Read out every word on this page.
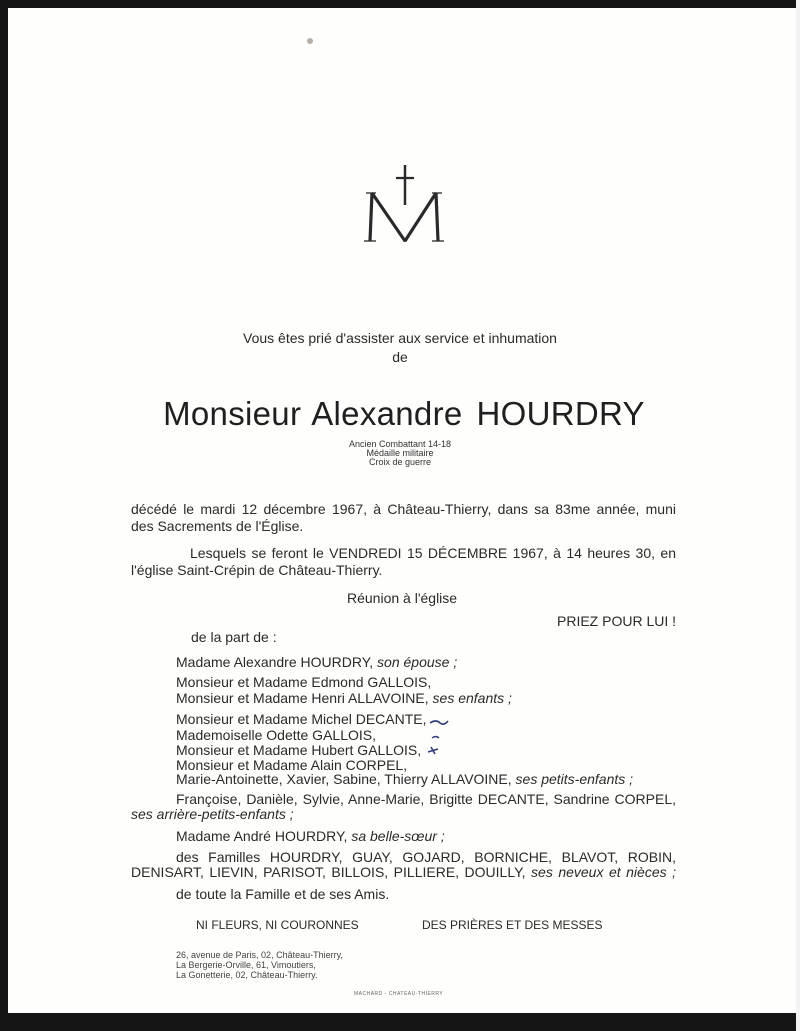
Vous êtes prié d'assister aux service et inhumation
de
Monsieur Alexandre HOURDRY
Ancien Combattant 14-18
Médaille militaire
Croix de guerre
décédé le mardi 12 décembre 1967, à Château-Thierry, dans sa 83me année, muni
des Sacrements de l'Église.
Lesquels se feront le VENDREDI 15 DÉCEMBRE 1967, à 14 heures 30, en
l'église Saint-Crépin de Château-Thierry.
Réunion à l'église
PRIEZ POUR LUI !
de la part de :
Madame Alexandre HOURDRY, son épouse ;
Monsieur et Madame Edmond GALLOIS,
Monsieur et Madame Henri ALLAVOINE, ses enfants ;
Monsieur et Madame Michel DECANTE,
Mademoiselle Odette GALLOIS,
Monsieur et Madame Hubert GALLOIS,
Monsieur et Madame Alain CORPEL,
Marie-Antoinette, Xavier, Sabine, Thierry ALLAVOINE, ses petits-enfants ;
Françoise, Danièle, Sylvie, Anne-Marie, Brigitte DECANTE, Sandrine CORPEL,
ses arrière-petits-enfants ;
Madame André HOURDRY, sa belle-sœur ;
des Familles HOURDRY, GUAY, GOJARD, BORNICHE, BLAVOT, ROBIN,
DENISART, LIEVIN, PARISOT, BILLOIS, PILLIERE, DOUILLY, ses neveux et nièces ;
de toute la Famille et de ses Amis.
NI FLEURS, NI COURONNES	DES PRIÈRES ET DES MESSES
26, avenue de Paris, 02, Château-Thierry,
La Bergerie-Orville, 61, Vimoutiers,
La Gonetterie, 02, Château-Thierry.
MACHARD - CHATEAU-THIERRY
